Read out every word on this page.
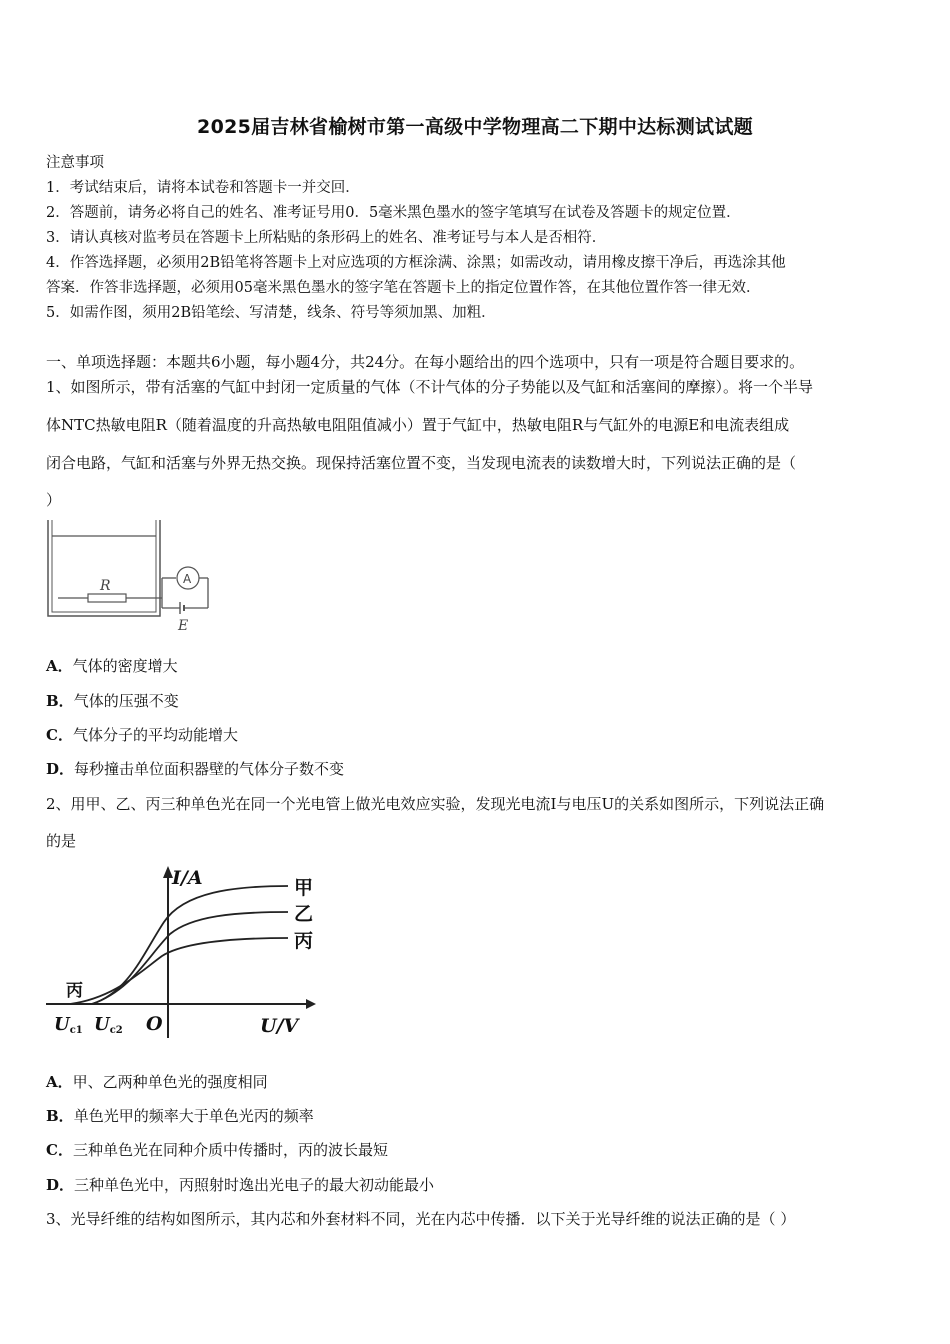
2025届吉林省榆树市第一高级中学物理高二下期中达标测试试题
注意事项
1．考试结束后，请将本试卷和答题卡一并交回．
2．答题前，请务必将自己的姓名、准考证号用0．5毫米黑色墨水的签字笔填写在试卷及答题卡的规定位置．
3．请认真核对监考员在答题卡上所粘贴的条形码上的姓名、准考证号与本人是否相符．
4．作答选择题，必须用2B铅笔将答题卡上对应选项的方框涂满、涂黑；如需改动，请用橡皮擦干净后，再选涂其他
答案．作答非选择题，必须用05毫米黑色墨水的签字笔在答题卡上的指定位置作答，在其他位置作答一律无效．
5．如需作图，须用2B铅笔绘、写清楚，线条、符号等须加黑、加粗．
一、单项选择题：本题共6小题，每小题4分，共24分。在每小题给出的四个选项中，只有一项是符合题目要求的。
1、如图所示，带有活塞的气缸中封闭一定质量的气体（不计气体的分子势能以及气缸和活塞间的摩擦）。将一个半导
体NTC热敏电阻R（随着温度的升高热敏电阻阻值减小）置于气缸中，热敏电阻R与气缸外的电源E和电流表组成
闭合电路，气缸和活塞与外界无热交换。现保持活塞位置不变，当发现电流表的读数增大时，下列说法正确的是（
）
R	A
E
A．气体的密度增大
B．气体的压强不变
C．气体分子的平均动能增大
D．每秒撞击单位面积器壁的气体分子数不变
2、用甲、乙、丙三种单色光在同一个光电管上做光电效应实验，发现光电流I与电压U的关系如图所示，下列说法正确
的是
I/A
U/V
O
甲
乙
丙
丙
Uc1 Uc2
A．甲、乙两种单色光的强度相同
B．单色光甲的频率大于单色光丙的频率
C．三种单色光在同种介质中传播时，丙的波长最短
D．三种单色光中，丙照射时逸出光电子的最大初动能最小
3、光导纤维的结构如图所示，其内芯和外套材料不同，光在内芯中传播．以下关于光导纤维的说法正确的是（ ）
